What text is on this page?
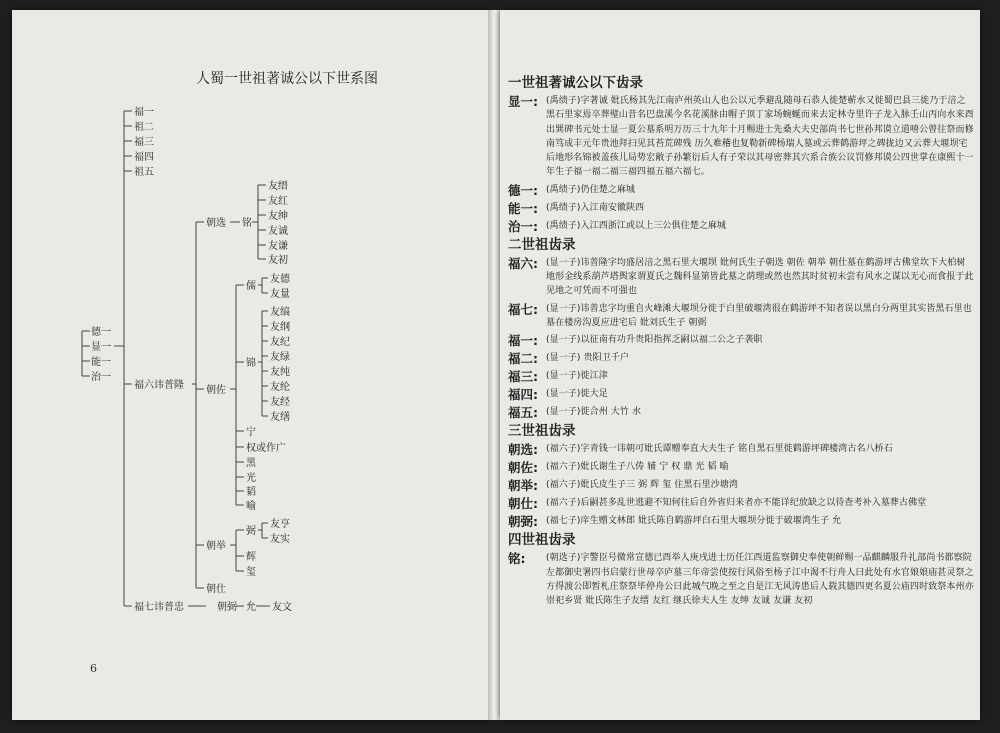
人蜀一世祖著诚公以下世系图
德一
显一
能一
治一
福一
祖二
福三
福四
祖五
福六讳普隆
福七讳普忠
朝选
朝佐
朝举
朝仕
朝弼 允 友文
铭
友缙
友红
友绅
友诚
友谦
友初
儒
锦
宁
权或作广
黑
光
韬
喻
友德
友量
友缟
友纲
友纪
友绿
友纯
友纶
友经
友缮
弼
辉
玺
友亨
友实
6
一世祖著诚公以下齿录
显一: (禹绩子)字著诚 妣氏杨其先江南庐州英山人也公以元季避乱随母石恭人徙楚蕲水又徙蜀巴县三徙乃于涪之黑石里家焉卒葬璧山昔名巴盘溪今名花溪脉由帽子顶丁家场蜿蜒而来去定林寺里许子龙入脉壬山丙向水来酉出巽碑书元处士显一夏公墓系明万历三十九年十月赐进士先桑大夫史部尚书七世孙邦谟立道嘻公曾往祭而修南笃成丰元年贵池拜扫见其苔荒碑残 历久难稽也复勒新碑杨瑞人墓或云葬鹤游坪之碑拢边又云葬大堰坝宅后地形名锦被盖孩儿局势宏敞子孙繁衍后人有子荣以其母密葬其穴系合族公议罚修邦谟公四世掌在康熙十一年生子福一福二福三福四福五福六福七。
德一: (禹绩子)仍住楚之麻城
能一: (禹绩子)入江南安徽陕西
治一: (禹绩子)入江西浙江或以上三公俱住楚之麻城
二世祖齿录
福六: (显一子)讳普隆字均盛居涪之黑石里大堰坝 妣何氏生子朝选 朝佐 朝举 朝仕墓在鹤游坪古佛堂坎下大柏树地形金线系葫芦塔舆家谓夏氏之魏科显第皆此墓之荫理或然也然其时贫初未尝有风水之谋以无心而食报于此见地之可凭而不可强也
福七: (显一子)讳普忠字均重自火峰滩大堰坝分徙于白里破堰湾很在鹤游坪不知者误以黑白分两里其实皆黑石里也墓在楼房沟夏应进宅后 妣刘氏生子 朝弼
福一: (显一子)以征南有功升贵阳指挥乏嗣以福二公之子袭职
福二: (显一子) 贵阳卫千户
福三: (显一子)徙江津
福四: (显一子)徙大足
福五: (显一子)徙合州 大竹 水
三世祖齿录
朝选: (福六子)字青钱一讳朝可妣氏谭赠奉直大夫生子 铭自黑石里徙鹤游坪碑楼湾古名八桥石
朝佐: (福六子)妣氏谢生子八俦 辅 宁 权 鼎 光 韬 喻
朝举: (福六子)妣氏皮生子三 弼 辉 玺 住黑石里沙塘湾
朝仕: (福六子)后嗣甚多乱世逃避不知何往后自外省归来者亦不能详纪放缺之以待查考补入墓葬古佛堂
朝弼: (福七子)庠生赠文林郎 妣氏陈自鹤游坪白石里大堰坝分徙于破堰湾生子 允
四世祖齿录
铭:	(朝选子)字警臣号微常宣德已酉举人庚戌进士历任江西道监察御史奉使朝鲜赐一品麒麟服升礼部尚书都察院左都御史署四书启蒙行世母卒庐墓三年帝尝使按行风俗至杨子江中渴不行舟人曰此处有水官娘娘庙甚灵祭之方得渡公即暂札庄祭祭毕停舟公曰此城气晚之至之自是江无风涛患后人载其德四更名夏公庙四时致祭本州亦崇祀乡贤 妣氏陈生子友缙 友红 继氏徐夫人生 友绅 友诚 友谦 友初
